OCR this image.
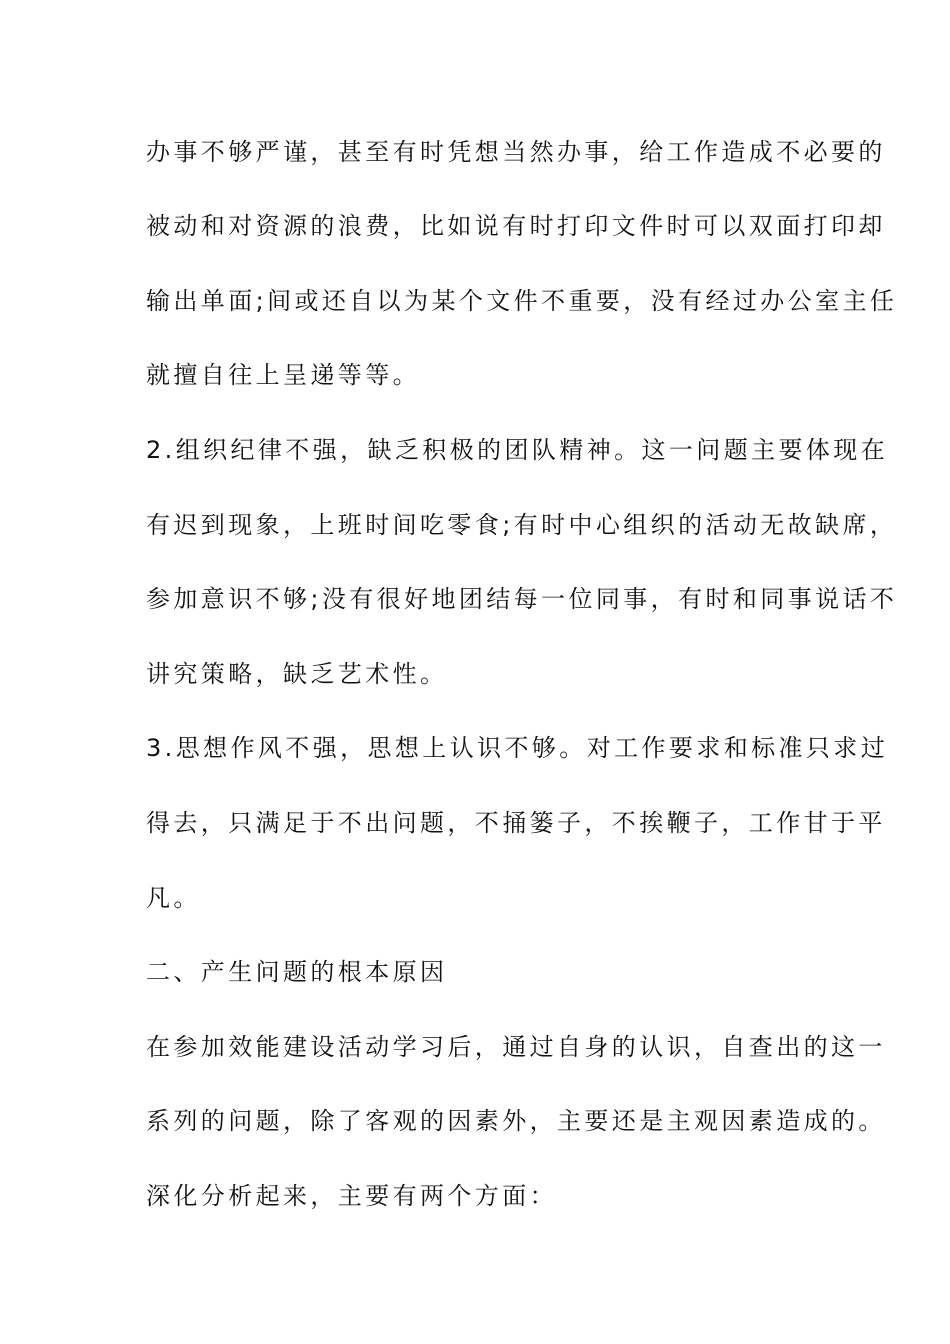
办事不够严谨，甚至有时凭想当然办事，给工作造成不必要的
被动和对资源的浪费，比如说有时打印文件时可以双面打印却
输出单面;间或还自以为某个文件不重要，没有经过办公室主任
就擅自往上呈递等等。
2.组织纪律不强，缺乏积极的团队精神。这一问题主要体现在
有迟到现象，上班时间吃零食;有时中心组织的活动无故缺席，
参加意识不够;没有很好地团结每一位同事，有时和同事说话不
讲究策略，缺乏艺术性。
3.思想作风不强，思想上认识不够。对工作要求和标准只求过
得去，只满足于不出问题，不捅篓子，不挨鞭子，工作甘于平
凡。
二、产生问题的根本原因
在参加效能建设活动学习后，通过自身的认识，自查出的这一
系列的问题，除了客观的因素外，主要还是主观因素造成的。
深化分析起来，主要有两个方面：
